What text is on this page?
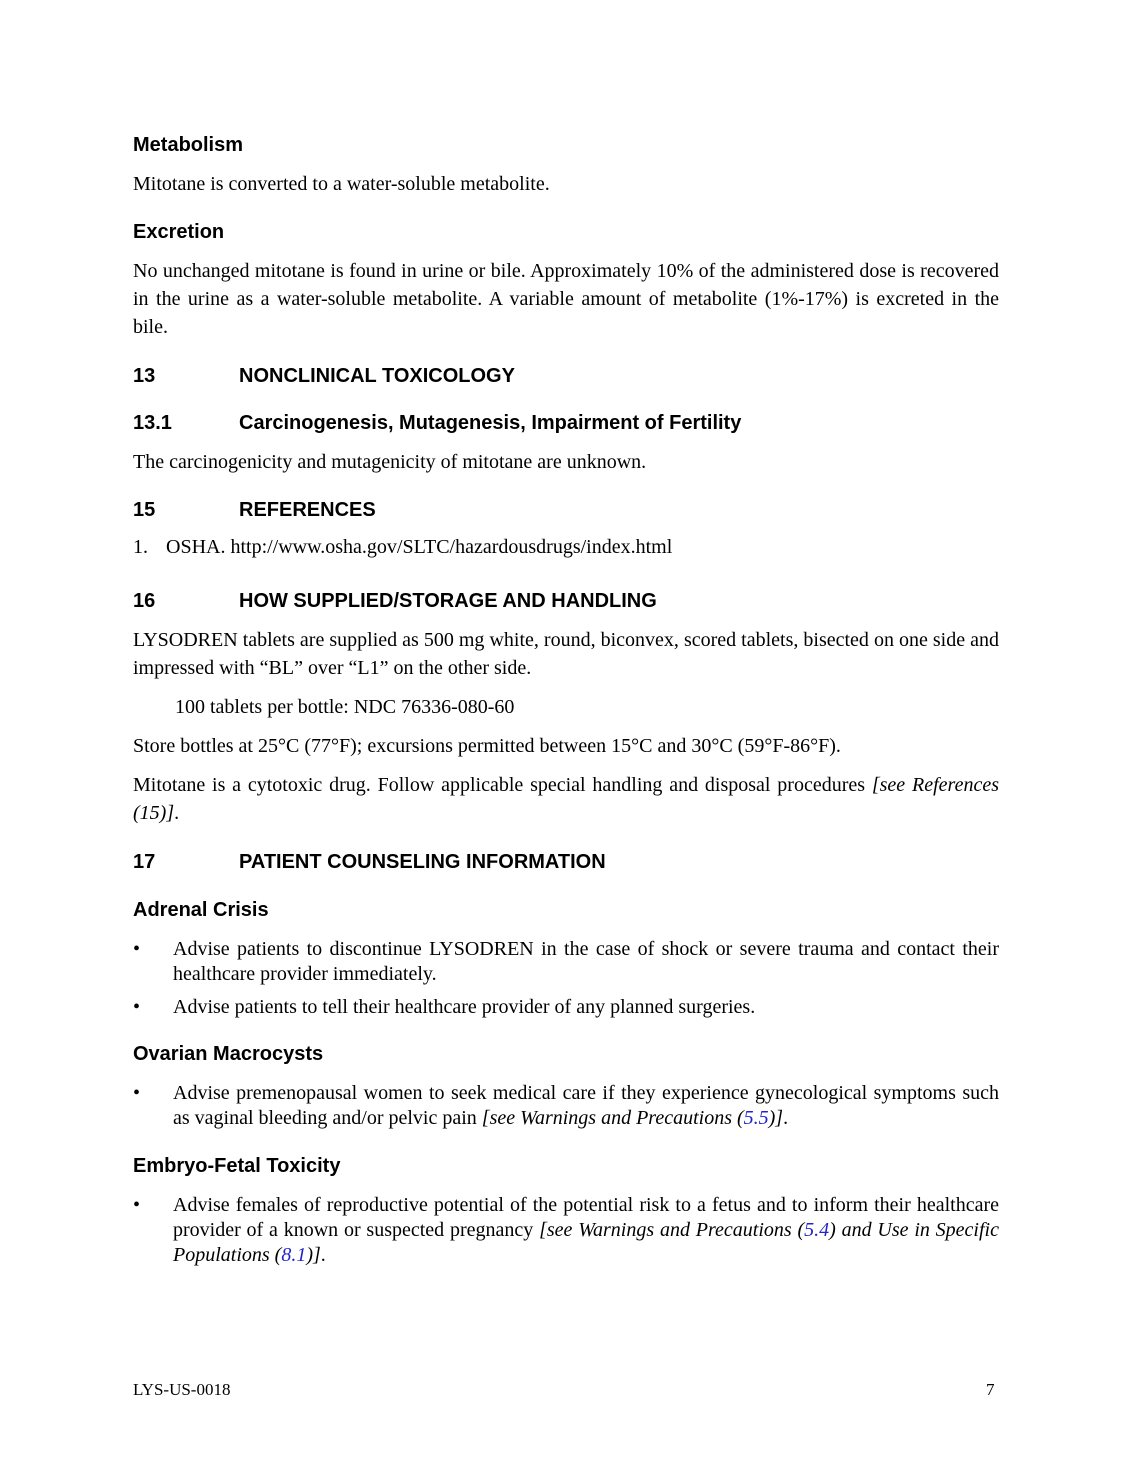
Metabolism

Mitotane is converted to a water-soluble metabolite.

Excretion

No unchanged mitotane is found in urine or bile. Approximately 10% of the administered dose is recovered in the urine as a water-soluble metabolite. A variable amount of metabolite (1%-17%) is excreted in the bile.

13	NONCLINICAL TOXICOLOGY
13.1	Carcinogenesis, Mutagenesis, Impairment of Fertility

The carcinogenicity and mutagenicity of mitotane are unknown.

15	REFERENCES
1. OSHA. http://www.osha.gov/SLTC/hazardousdrugs/index.html
16	HOW SUPPLIED/STORAGE AND HANDLING

LYSODREN tablets are supplied as 500 mg white, round, biconvex, scored tablets, bisected on one side and impressed with “BL” over “L1” on the other side.

100 tablets per bottle: NDC 76336-080-60

Store bottles at 25°C (77°F); excursions permitted between 15°C and 30°C (59°F-86°F).

Mitotane is a cytotoxic drug. Follow applicable special handling and disposal procedures [see References (15)].

17	PATIENT COUNSELING INFORMATION
Adrenal Crisis
•	Advise patients to discontinue LYSODREN in the case of shock or severe trauma and contact their healthcare provider immediately.
•	Advise patients to tell their healthcare provider of any planned surgeries.
Ovarian Macrocysts
•	Advise premenopausal women to seek medical care if they experience gynecological symptoms such as vaginal bleeding and/or pelvic pain [see Warnings and Precautions (5.5)].
Embryo-Fetal Toxicity
•	Advise females of reproductive potential of the potential risk to a fetus and to inform their healthcare provider of a known or suspected pregnancy [see Warnings and Precautions (5.4) and Use in Specific Populations (8.1)].
LYS-US-0018	7
